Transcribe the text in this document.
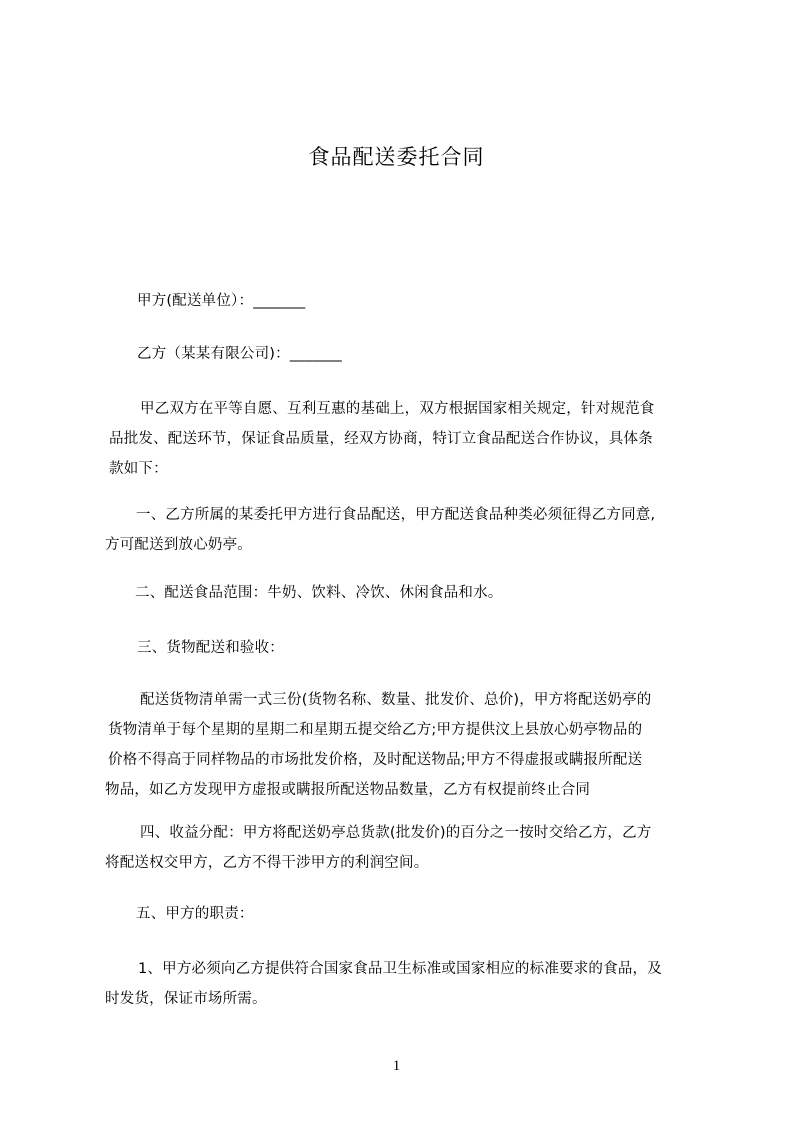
食品配送委托合同
甲方(配送单位）：_______
乙方（某某有限公司)：_______
甲乙双方在平等自愿、互利互惠的基础上，双方根据国家相关规定，针对规范食
品批发、配送环节，保证食品质量，经双方协商，特订立食品配送合作协议，具体条
款如下：
一、乙方所属的某委托甲方进行食品配送，甲方配送食品种类必须征得乙方同意,
方可配送到放心奶亭。
二、配送食品范围：牛奶、饮料、冷饮、休闲食品和水。
三、货物配送和验收：
配送货物清单需一式三份(货物名称、数量、批发价、总价)，甲方将配送奶亭的
货物清单于每个星期的星期二和星期五提交给乙方;甲方提供汶上县放心奶亭物品的
价格不得高于同样物品的市场批发价格，及时配送物品;甲方不得虚报或瞒报所配送
物品，如乙方发现甲方虚报或瞒报所配送物品数量，乙方有权提前终止合同
四、收益分配：甲方将配送奶亭总货款(批发价)的百分之一按时交给乙方，乙方
将配送权交甲方，乙方不得干涉甲方的利润空间。
五、甲方的职责：
1、甲方必须向乙方提供符合国家食品卫生标准或国家相应的标准要求的食品，及
时发货，保证市场所需。
1
